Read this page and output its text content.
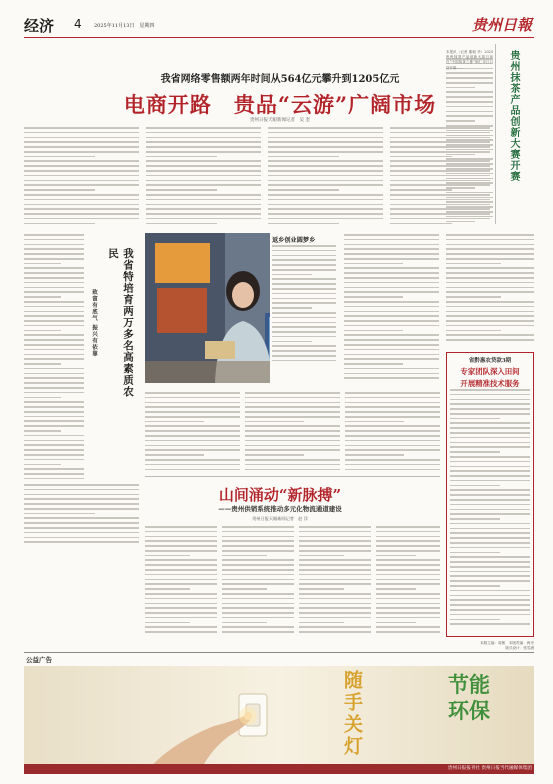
经济 4 2025年11月13日　星期四	贵州日報
我省网络零售额两年时间从564亿元攀升到1205亿元
电商开路　贵品“云游”广阔市场
贵州日报天眼新闻记者　吴 奎
我省特培育两万多名高素质农民
致富有底气 振兴有依靠
返乡创业圆梦乡
山间涌动“新脉搏”
——贵州供销系统推动多元化物流通道建设
贵州日报天眼新闻记者　赵 洋
贵州抹茶产品创新大赛开赛
本报讯（记者 董朝 华）2025贵州抹茶产品创新大赛日前在“中国抹茶之都”铜仁市江口县开幕……
省黔惠农贷款3期
专家团队深入田间
开展精准技术服务
本版主编：周敏　本版责编：两舟
版式设计：张雪涵
公益广告
随手关灯	节能环保
贵州日报报刊社 贵州日报当代融媒体集团
